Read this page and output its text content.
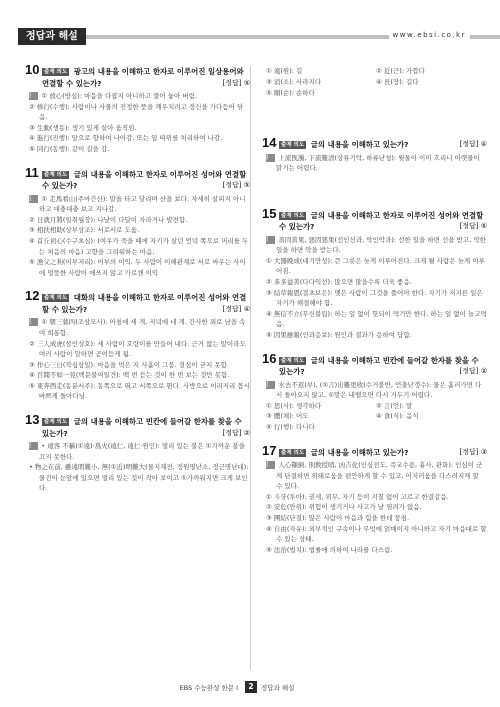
정답과 해설	www.ebsi.co.kr
10 출제 의도 광고의 내용을 이해하고 한자로 이루어진 일상용어와 연결할 수 있는가?	[정답] ⑤
해설 ① 放心(방심): 마음을 다잡지 아니하고 풀어 놓아 버림.
② 修行(수행): 사람이나 사물의 진정한 뜻을 깨우치려고 정신을 가다듬어 닦음.
③ 生動(생동): 생기 있게 살아 움직임.
④ 進行(진행): 앞으로 향하여 나아감. 또는 일 따위를 처리하여 나감.
⑤ 同行(동행): 같이 길을 감.
11 출제 의도 글의 내용을 이해하고 한자로 이루어진 성어와 연결할 수 있는가?	[정답] ⑤
해설 ① 走馬看山(주마간산): 말을 타고 달리며 산을 보다. 자세히 살피지 아니하고 대충대충 보고 지나감.
② 日就月將(일취월장): 나날이 다달이 자라거나 발전함.
③ 相扶相助(상부상조): 서로서로 도움.
④ 首丘初心(수구초심): (여우가 죽을 때에 자기가 살던 언덕 쪽으로 머리를 두는 처음의 마음) 고향을 그리워하는 마음.
⑤ 漁父之利(어부지리): 어부의 이익. 두 사람이 이해관계로 서로 싸우는 사이에 엉뚱한 사람이 애쓰지 않고 가로챈 이익
12 출제 의도 대화의 내용을 이해하고 한자로 이루어진 성어와 연결할 수 있는가?	[정답] ④
해설 ① 朝三暮四(조삼모사): 아침에 세 개, 저녁에 네 개. 간사한 꾀로 남을 속여 희롱함.
② 三人成虎(삼인성호): 세 사람이 호랑이를 만들어 내다. 근거 없는 말이라도 여러 사람이 말하면 곧이듣게 됨.
③ 作心三日(작심삼일): 마음을 먹은 지 사흘이 그뭄. 결심이 굳지 못함.
④ 百聞不如一見(백문불여일견): 백 번 듣는 것이 한 번 보는 것만 못함.
⑤ 東奔西走(동분서주): 동쪽으로 뛰고 서쪽으로 뛴다. 사방으로 이리저리 몹시 바쁘게 돌아다님.
13 출제 의도 글의 내용을 이해하고 빈칸에 들어갈 한자를 찾을 수 있는가?	[정답] ②
해설 • 遠客 不稱(①遠)·爲火(遠仁, 遠仁·원인): 멀리 있는 불은 ①가까운 불을 끄지 못한다.
• 物之在前, 雖遠明難小, 無(①近)明難大(물지재전, 정원명난소, 정근명난대): 물건이 눈앞에 있으면 멀리 있는 것이 작아 보이고 ①가까워지면 크게 보인다.
① 遠(원): 길	② 近(근): 가깝다
③ 消(소): 사라지다	④ 長(장): 길다
⑤ 順(순): 순하다
14 출제 의도 글의 내용을 이해하고 있는가?	[정답] ④
해설 上流旣濁, 下流難清(상류기탁, 하류난청): 윗물이 이미 흐리니 아랫물이 맑기는 어렵다.
15 출제 의도 글의 내용을 이해하고 한자로 이루어진 성어와 연결할 수 있는가?	[정답] ⑤
해설 善因善果, 惡因惡果(선인선과, 악인악과): 선한 일을 하면 선을 받고, 악한 일을 하면 악을 받는다.
① 大器晩成(대기만성): 큰 그릇은 늦게 이루어진다. 크게 될 사람은 늦게 이루어짐.
② 多多益善(다다익선): 많으면 많을수록 더욱 좋음.
③ 結草報恩(결초보은): 맺은 사람이 그것을 풀어야 한다. 자기가 저지른 일은 자기가 해결해야 함.
④ 無信不立(무신불립): 하는 일 없이 헛되이 먹기만 한다. 하는 일 없이 놀고먹음.
⑤ 因果應報(인과응보): 원인과 결과가 응하여 답함.
16 출제 의도 글의 내용을 이해하고 빈칸에 들어갈 한자를 찾을 수 있는가?	[정답] ②
해설 水去不返(부), (①言)出難更收(수거불반, 언출난갱수): 물은 흘러가면 다시 돌아오지 않고, ①말은 내뱉으면 다시 거두기 어렵다.
① 思(사): 생각하다	② 言(언): 말
③ 體(체): 어도	④ 食(식): 음식
⑤ 行(행): 다니다
17 출제 의도 글의 내용을 이해하고 있는가?	[정답] ③
해설 人心顚倒, 則敎授哨, 凶吉化(인심전도, 즉교수용, 흉사, 관화): 인심이 군게 단결하면 위태로움을 편안하게 할 수 있고, 어지러움을 다스려지게 할 수 있다.
① 斗牙(투아): 권세, 위무, 자기 등이 지칠 없어 고르고 한결같음.
② 安危(안위): 위험이 생기거나 사고가 날 염려가 없음.
③ 團結(단결): 많은 사람이 마음과 힘을 한데 뭉침.
④ 自由(자유): 외부적인 구속이나 무엇에 얽매이지 아니하고 자기 마음대로 할 수 있는 상태.
⑤ 法治(법치): 법률에 의하여 나라를 다스림.
EBS 수능완성 한문 I	2	정답과 해설
